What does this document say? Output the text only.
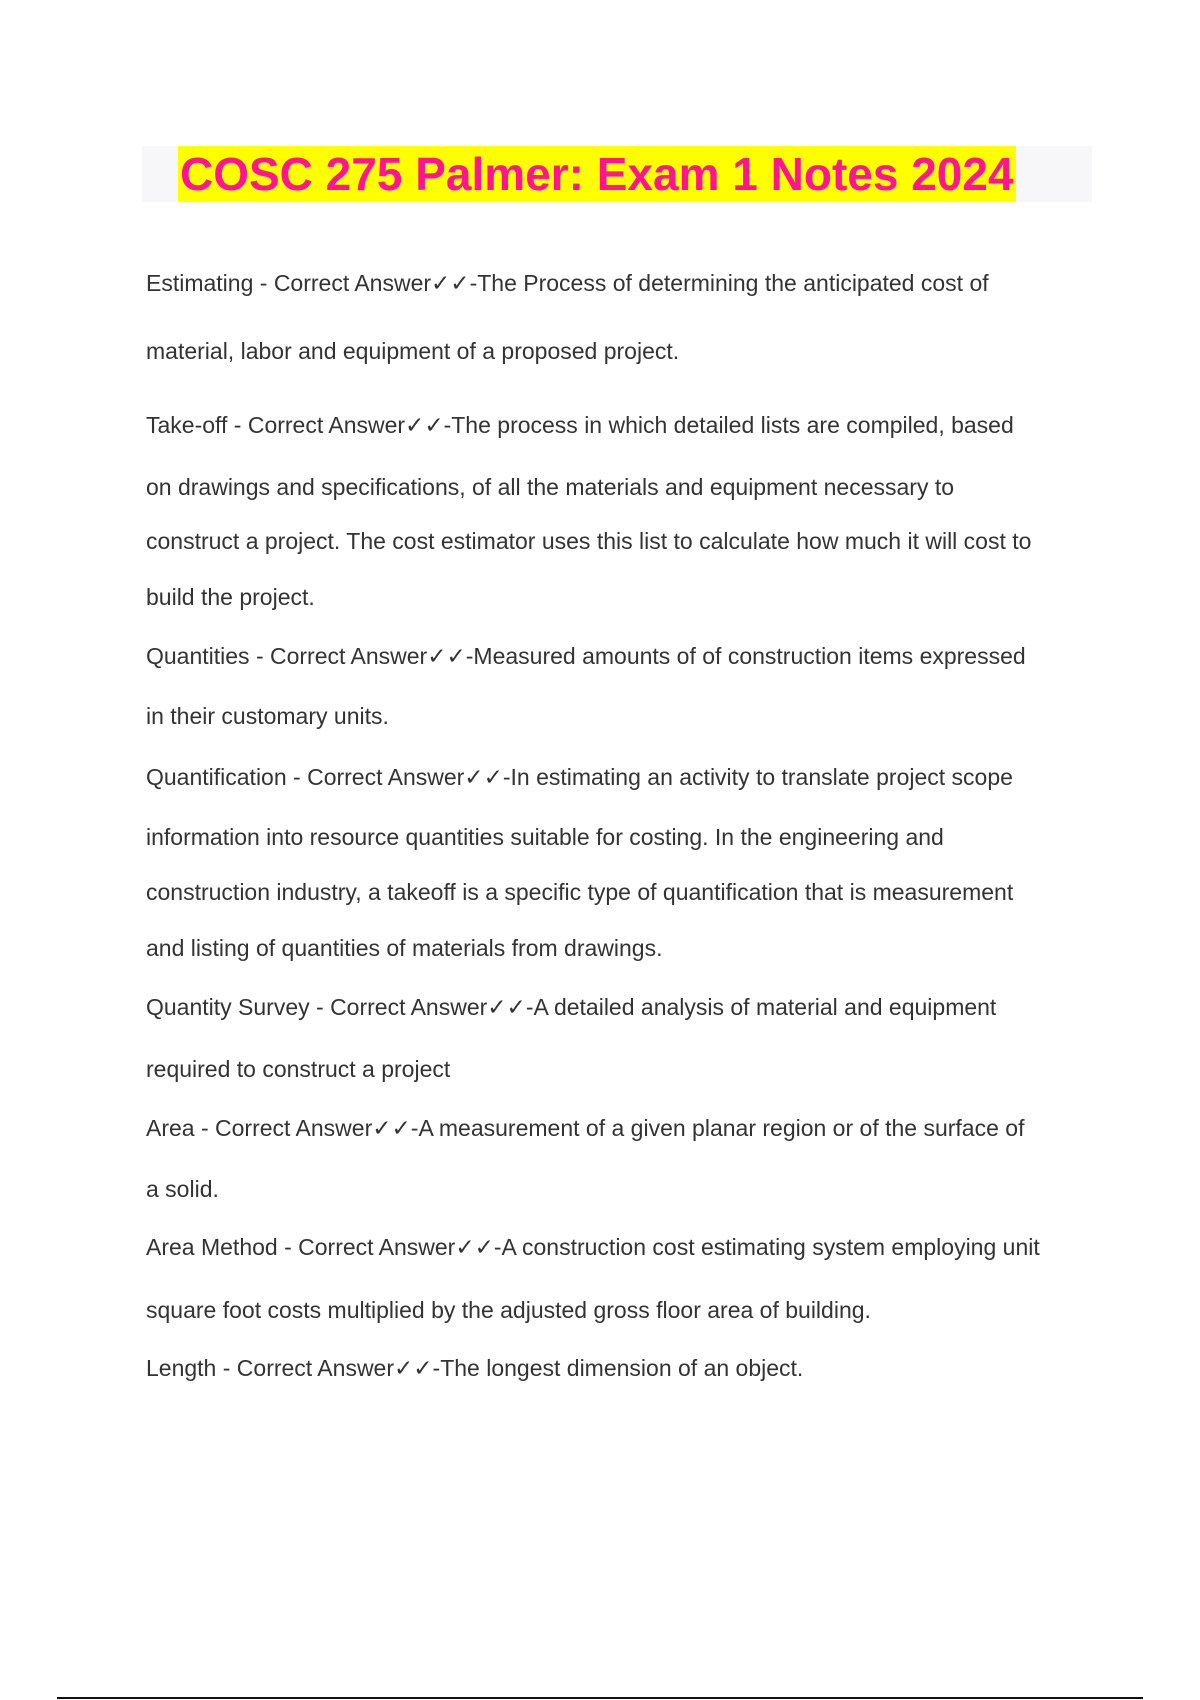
COSC 275 Palmer: Exam 1 Notes 2024

Estimating - Correct Answer✓✓-The Process of determining the anticipated cost of
material, labor and equipment of a proposed project.

Take-off - Correct Answer✓✓-The process in which detailed lists are compiled, based
on drawings and specifications, of all the materials and equipment necessary to
construct a project. The cost estimator uses this list to calculate how much it will cost to
build the project.

Quantities - Correct Answer✓✓-Measured amounts of of construction items expressed
in their customary units.

Quantification - Correct Answer✓✓-In estimating an activity to translate project scope
information into resource quantities suitable for costing. In the engineering and
construction industry, a takeoff is a specific type of quantification that is measurement
and listing of quantities of materials from drawings.

Quantity Survey - Correct Answer✓✓-A detailed analysis of material and equipment
required to construct a project

Area - Correct Answer✓✓-A measurement of a given planar region or of the surface of
a solid.

Area Method - Correct Answer✓✓-A construction cost estimating system employing unit
square foot costs multiplied by the adjusted gross floor area of building.

Length - Correct Answer✓✓-The longest dimension of an object.
